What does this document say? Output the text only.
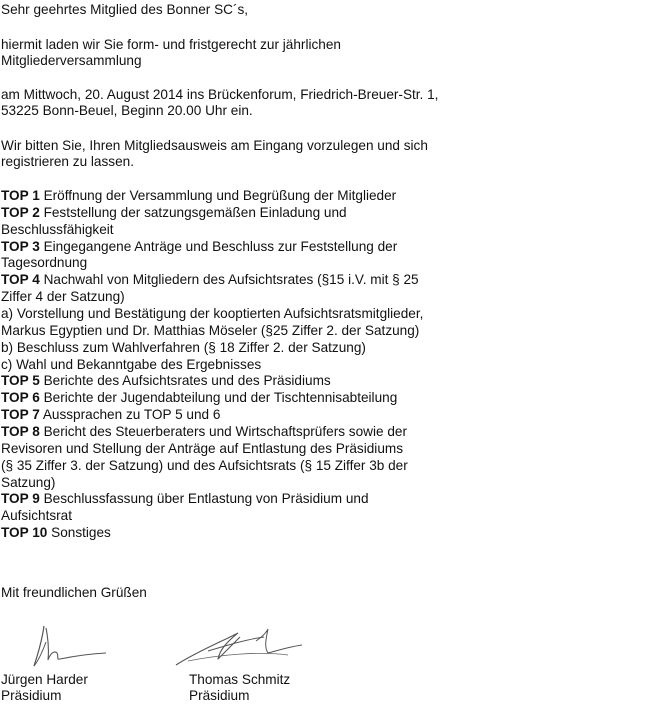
Sehr geehrtes Mitglied des Bonner SC´s,
hiermit laden wir Sie form- und fristgerecht zur jährlichen
Mitgliederversammlung
am Mittwoch, 20. August 2014 ins Brückenforum, Friedrich-Breuer-Str. 1,
53225 Bonn-Beuel, Beginn 20.00 Uhr ein.
Wir bitten Sie, Ihren Mitgliedsausweis am Eingang vorzulegen und sich
registrieren zu lassen.
TOP 1 Eröffnung der Versammlung und Begrüßung der Mitglieder
TOP 2 Feststellung der satzungsgemäßen Einladung und
Beschlussfähigkeit
TOP 3 Eingegangene Anträge und Beschluss zur Feststellung der
Tagesordnung
TOP 4 Nachwahl von Mitgliedern des Aufsichtsrates (§15 i.V. mit § 25
Ziffer 4 der Satzung)
a) Vorstellung und Bestätigung der kooptierten Aufsichtsratsmitglieder,
Markus Egyptien und Dr. Matthias Möseler (§25 Ziffer 2. der Satzung)
b) Beschluss zum Wahlverfahren (§ 18 Ziffer 2. der Satzung)
c) Wahl und Bekanntgabe des Ergebnisses
TOP 5 Berichte des Aufsichtsrates und des Präsidiums
TOP 6 Berichte der Jugendabteilung und der Tischtennisabteilung
TOP 7 Aussprachen zu TOP 5 und 6
TOP 8 Bericht des Steuerberaters und Wirtschaftsprüfers sowie der
Revisoren und Stellung der Anträge auf Entlastung des Präsidiums
(§ 35 Ziffer 3. der Satzung) und des Aufsichtsrats (§ 15 Ziffer 3b der
Satzung)
TOP 9 Beschlussfassung über Entlastung von Präsidium und
Aufsichtsrat
TOP 10 Sonstiges
Mit freundlichen Grüßen
Jürgen Harder
Präsidium
Thomas Schmitz
Präsidium
